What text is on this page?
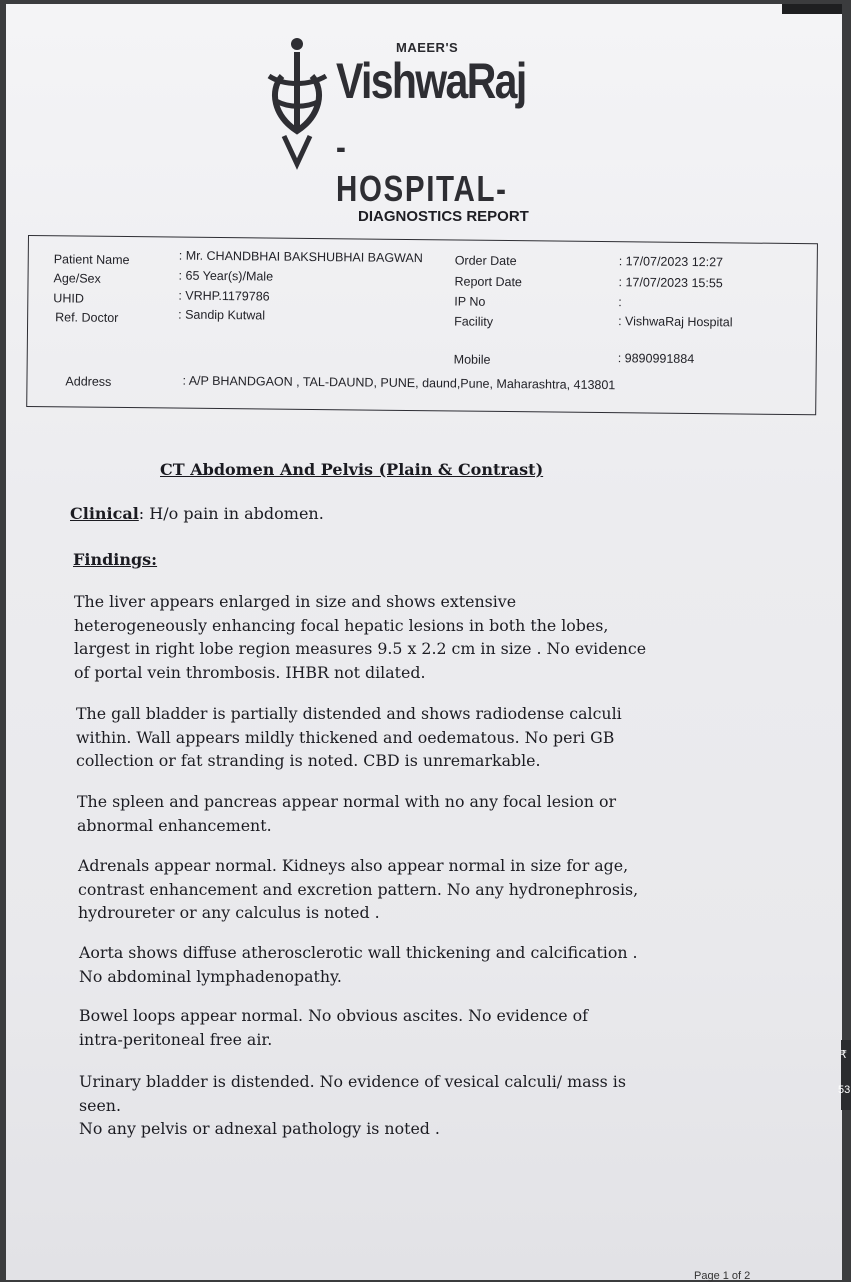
MAEER'S
VishwaRaj
-HOSPITAL-
DIAGNOSTICS REPORT
Patient Name	: Mr. CHANDBHAI BAKSHUBHAI BAGWAN
Age/Sex	: 65 Year(s)/Male
UHID	: VRHP.1179786
Ref. Doctor	: Sandip Kutwal
Order Date	: 17/07/2023 12:27
Report Date	: 17/07/2023 15:55
IP No	:
Facility	: VishwaRaj Hospital
Mobile	: 9890991884
Address	: A/P BHANDGAON , TAL-DAUND, PUNE, daund,Pune, Maharashtra, 413801
CT Abdomen And Pelvis (Plain & Contrast)
Clinical: H/o pain in abdomen.
Findings:
The liver appears enlarged in size and shows extensive
heterogeneously enhancing focal hepatic lesions in both the lobes,
largest in right lobe region measures 9.5 x 2.2 cm in size . No evidence
of portal vein thrombosis. IHBR not dilated.
The gall bladder is partially distended and shows radiodense calculi
within. Wall appears mildly thickened and oedematous. No peri GB
collection or fat stranding is noted. CBD is unremarkable.
The spleen and pancreas appear normal with no any focal lesion or
abnormal enhancement.
Adrenals appear normal. Kidneys also appear normal in size for age,
contrast enhancement and excretion pattern. No any hydronephrosis,
hydroureter or any calculus is noted .
Aorta shows diffuse atherosclerotic wall thickening and calcification .
No abdominal lymphadenopathy.
Bowel loops appear normal. No obvious ascites. No evidence of
intra-peritoneal free air.
Urinary bladder is distended. No evidence of vesical calculi/ mass is
seen.
No any pelvis or adnexal pathology is noted .
Page 1 of 2
₹
53
